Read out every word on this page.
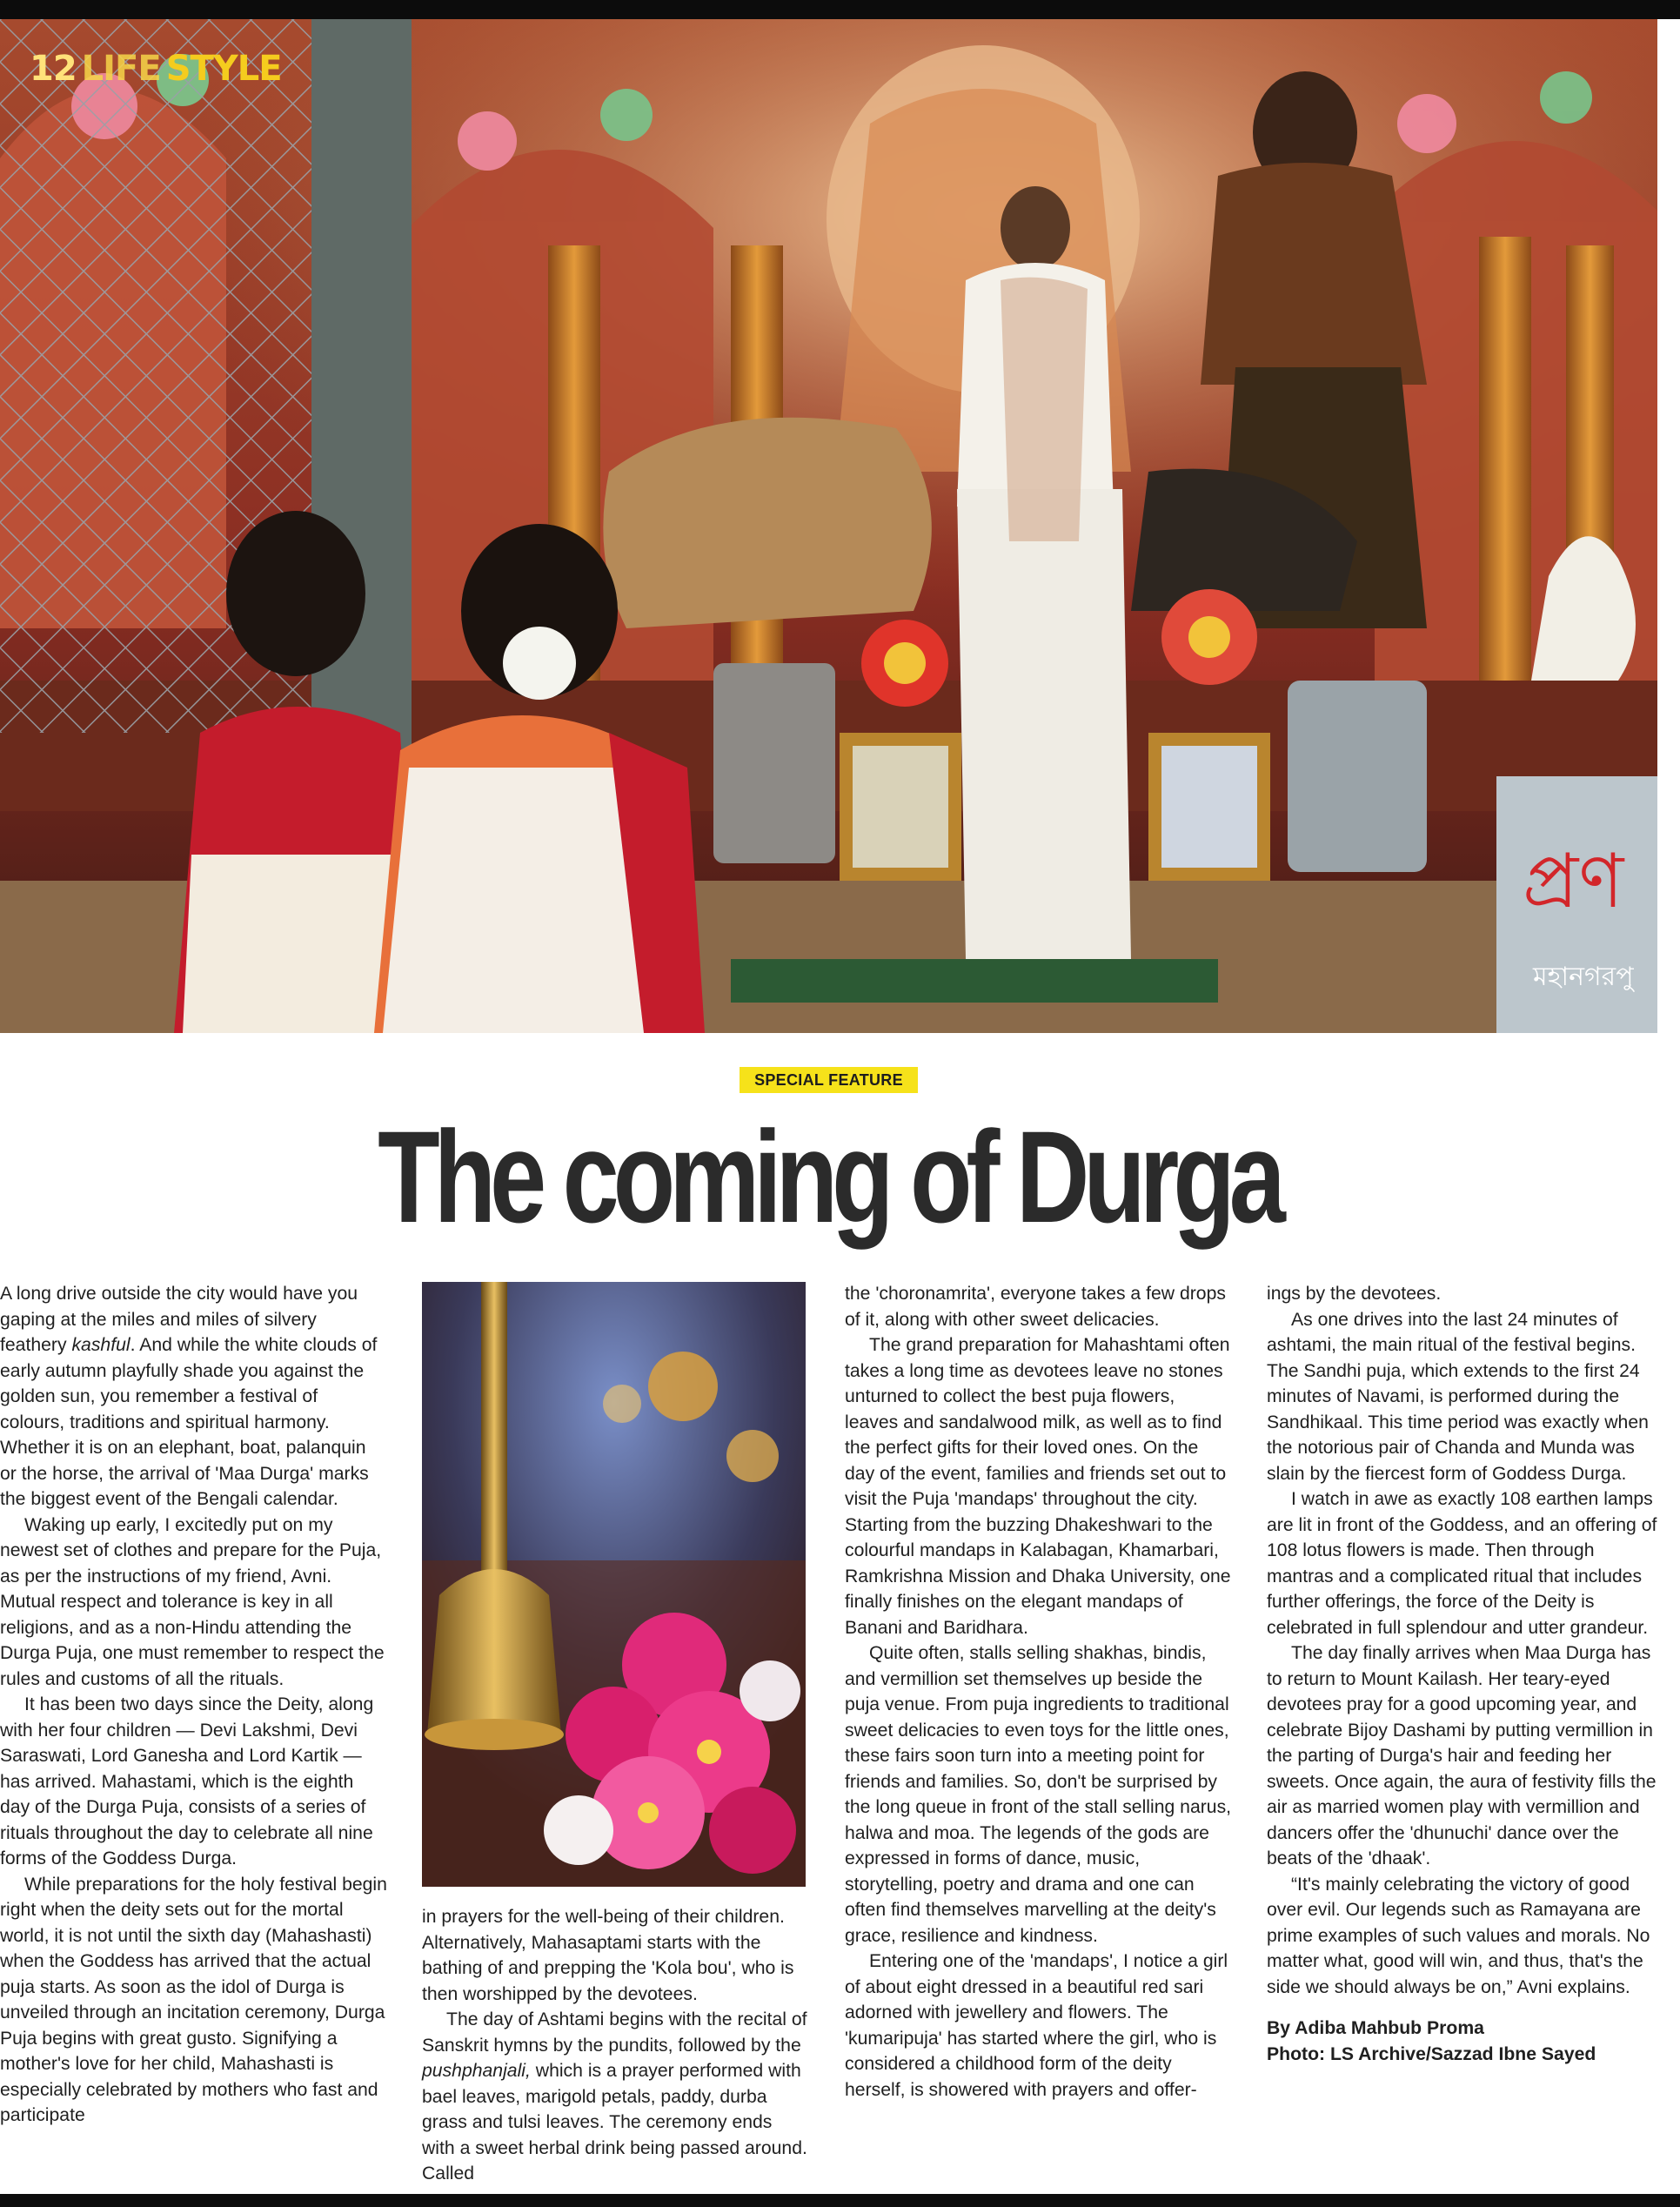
প্রণ
মহানগরপু
12 LIFE STYLE
SPECIAL FEATURE
The coming of Durga

A long drive outside the city would have you gaping at the miles and miles of silvery feathery kashful. And while the white clouds of early autumn playfully shade you against the golden sun, you remember a festival of colours, traditions and spiritual harmony. Whether it is on an elephant, boat, palanquin or the horse, the arrival of 'Maa Durga' marks the biggest event of the Bengali calendar.

Waking up early, I excitedly put on my newest set of clothes and prepare for the Puja, as per the instructions of my friend, Avni. Mutual respect and tolerance is key in all religions, and as a non-Hindu attending the Durga Puja, one must remember to respect the rules and customs of all the rituals.

It has been two days since the Deity, along with her four children — Devi Lakshmi, Devi Saraswati, Lord Ganesha and Lord Kartik — has arrived. Mahastami, which is the eighth day of the Durga Puja, consists of a series of rituals throughout the day to celebrate all nine forms of the Goddess Durga.

While preparations for the holy festival begin right when the deity sets out for the mortal world, it is not until the sixth day (Mahashasti) when the Goddess has arrived that the actual puja starts. As soon as the idol of Durga is unveiled through an incitation ceremony, Durga Puja begins with great gusto. Signifying a mother's love for her child, Mahashasti is especially celebrated by mothers who fast and participate

in prayers for the well-being of their children. Alternatively, Mahasaptami starts with the bathing of and prepping the 'Kola bou', who is then worshipped by the devotees.

The day of Ashtami begins with the recital of Sanskrit hymns by the pundits, followed by the pushphanjali, which is a prayer performed with bael leaves, marigold petals, paddy, durba grass and tulsi leaves. The ceremony ends with a sweet herbal drink being passed around. Called

the 'choronamrita', everyone takes a few drops of it, along with other sweet delicacies.

The grand preparation for Mahashtami often takes a long time as devotees leave no stones unturned to collect the best puja flowers, leaves and sandalwood milk, as well as to find the perfect gifts for their loved ones. On the day of the event, families and friends set out to visit the Puja 'mandaps' throughout the city. Starting from the buzzing Dhakeshwari to the colourful mandaps in Kalabagan, Khamarbari, Ramkrishna Mission and Dhaka University, one finally finishes on the elegant mandaps of Banani and Baridhara.

Quite often, stalls selling shakhas, bindis, and vermillion set themselves up beside the puja venue. From puja ingredients to traditional sweet delicacies to even toys for the little ones, these fairs soon turn into a meeting point for friends and families. So, don't be surprised by the long queue in front of the stall selling narus, halwa and moa. The legends of the gods are expressed in forms of dance, music, storytelling, poetry and drama and one can often find themselves marvelling at the deity's grace, resilience and kindness.

Entering one of the 'mandaps', I notice a girl of about eight dressed in a beautiful red sari adorned with jewellery and flowers. The 'kumaripuja' has started where the girl, who is considered a childhood form of the deity herself, is showered with prayers and offer-

ings by the devotees.

As one drives into the last 24 minutes of ashtami, the main ritual of the festival begins. The Sandhi puja, which extends to the first 24 minutes of Navami, is performed during the Sandhikaal. This time period was exactly when the notorious pair of Chanda and Munda was slain by the fiercest form of Goddess Durga.

I watch in awe as exactly 108 earthen lamps are lit in front of the Goddess, and an offering of 108 lotus flowers is made. Then through mantras and a complicated ritual that includes further offerings, the force of the Deity is celebrated in full splendour and utter grandeur.

The day finally arrives when Maa Durga has to return to Mount Kailash. Her teary-eyed devotees pray for a good upcoming year, and celebrate Bijoy Dashami by putting vermillion in the parting of Durga's hair and feeding her sweets. Once again, the aura of festivity fills the air as married women play with vermillion and dancers offer the 'dhunuchi' dance over the beats of the 'dhaak'.

“It's mainly celebrating the victory of good over evil. Our legends such as Ramayana are prime examples of such values and morals. No matter what, good will win, and thus, that's the side we should always be on,” Avni explains.

By Adiba Mahbub Proma
Photo: LS Archive/Sazzad Ibne Sayed
